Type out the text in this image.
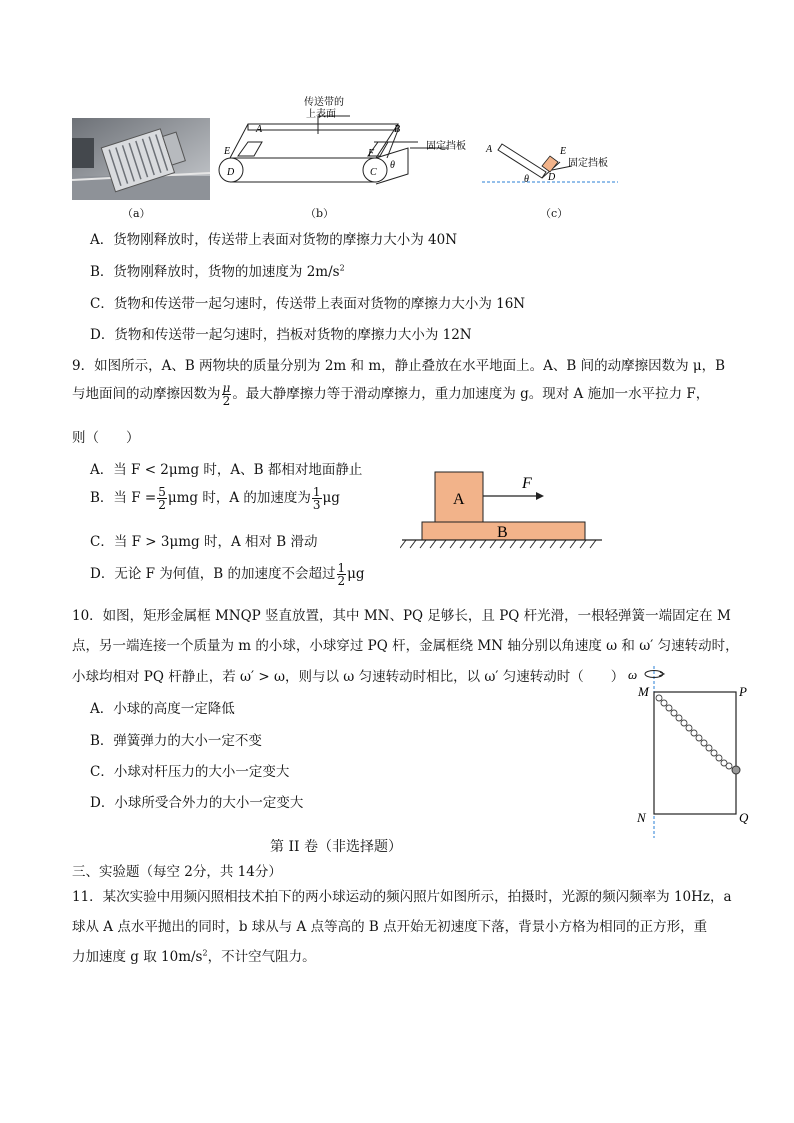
（a）
传送带的
上表面
固定挡板
A	B
E
D	C
F
θ
（b）
A	E
D
θ
固定挡板
（c）
A．货物刚释放时，传送带上表面对货物的摩擦力大小为 40N
B．货物刚释放时，货物的加速度为 $2m/s^2$
C．货物和传送带一起匀速时，传送带上表面对货物的摩擦力大小为 16N
D．货物和传送带一起匀速时，挡板对货物的摩擦力大小为 12N
9．如图所示，A、B 两物块的质量分别为 2m 和 m，静止叠放在水平地面上。A、B 间的动摩擦因数为 μ，B
与地面间的动摩擦因数为 $\frac{\mu}{2}$ 。最大静摩擦力等于滑动摩擦力，重力加速度为 g。现对 A 施加一水平拉力 F，
则（　　）
A．当 F < 2μmg 时，A、B 都相对地面静止
B．当 $F = \frac{5}{2}$ μmg 时，A 的加速度为 $\frac{1}{3}$ μg
C．当 F > 3μmg 时，A 相对 B 滑动
D．无论 F 为何值，B 的加速度不会超过 $\frac{1}{2}$ μg
A
B
F
10．如图，矩形金属框 MNQP 竖直放置，其中 MN、PQ 足够长，且 PQ 杆光滑，一根轻弹簧一端固定在 M
点，另一端连接一个质量为 m 的小球，小球穿过 PQ 杆，金属框绕 MN 轴分别以角速度 ω 和 ω′ 匀速转动时，
小球均相对 PQ 杆静止，若 ω′ > ω，则与以 ω 匀速转动时相比，以 ω′ 匀速转动时（　　）
A．小球的高度一定降低
B．弹簧弹力的大小一定不变
C．小球对杆压力的大小一定变大
D．小球所受合外力的大小一定变大
ω
M	P
N	Q
第 II 卷（非选择题）
三、实验题（每空 2分，共 14分）
11．某次实验中用频闪照相技术拍下的两小球运动的频闪照片如图所示，拍摄时，光源的频闪频率为 10Hz，a
球从 A 点水平抛出的同时，b 球从与 A 点等高的 B 点开始无初速度下落，背景小方格为相同的正方形，重
力加速度 g 取 $10m/s^2$，不计空气阻力。
